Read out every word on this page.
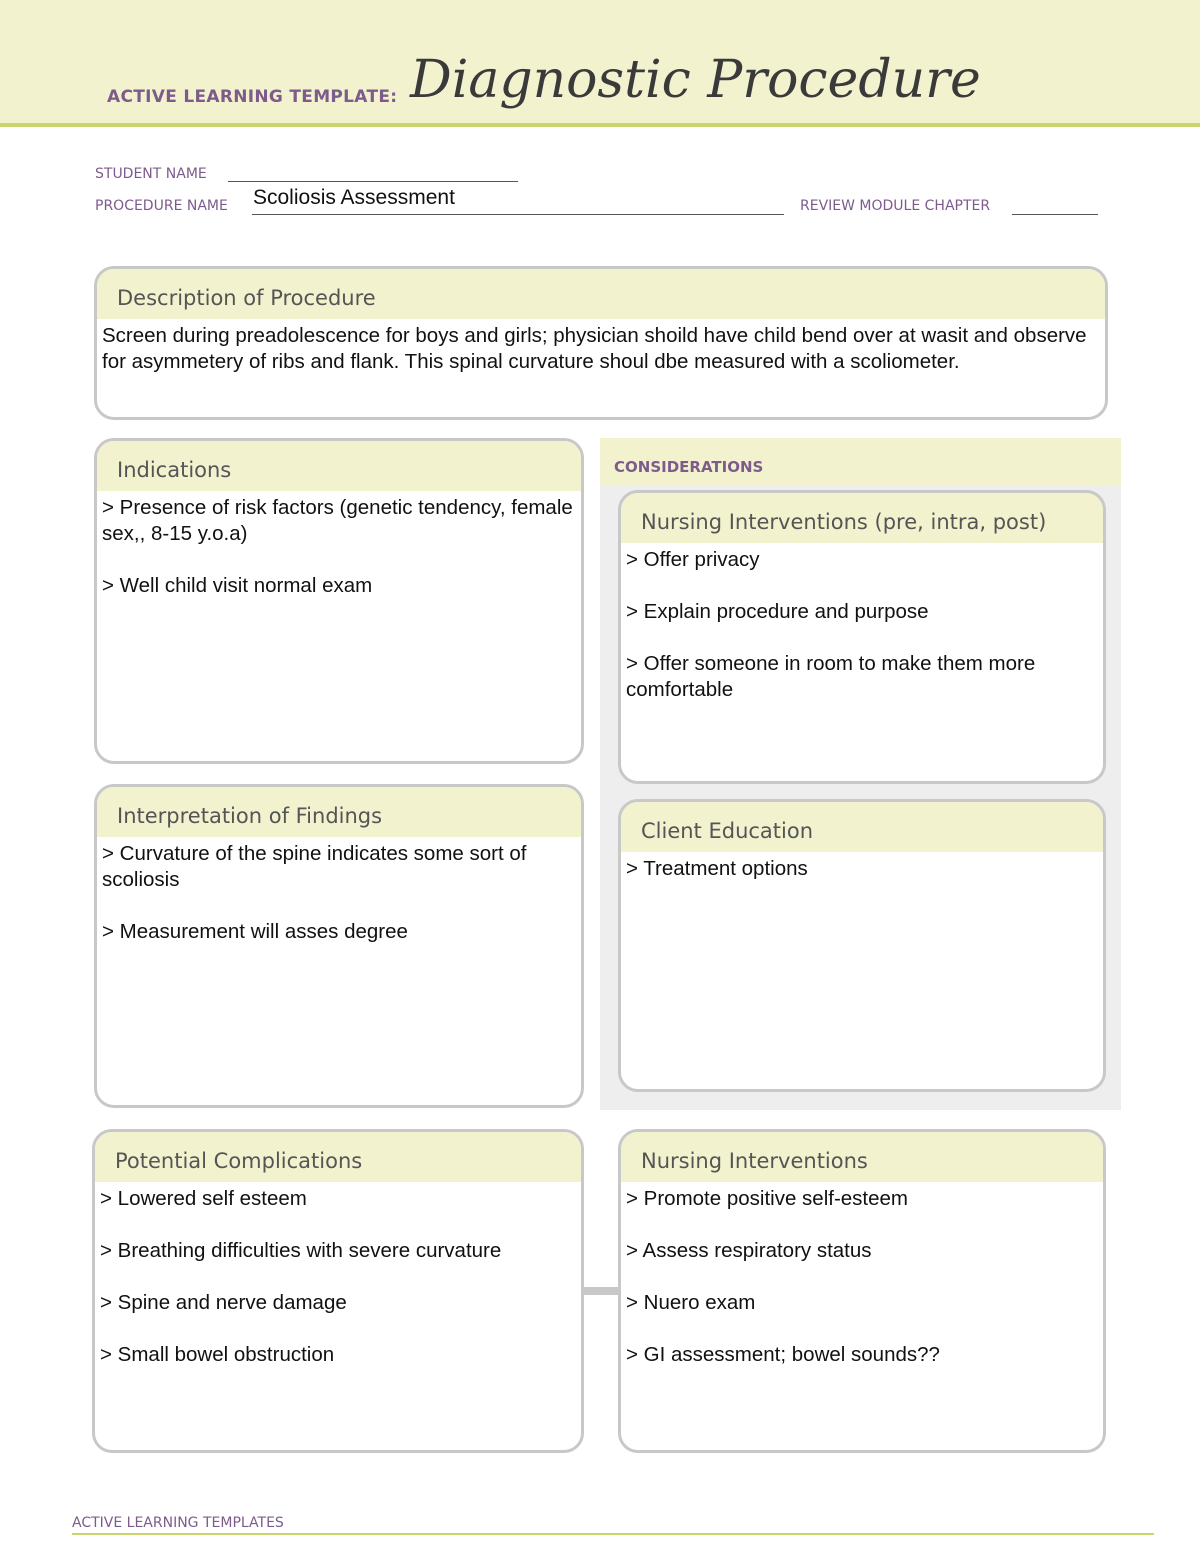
ACTIVE LEARNING TEMPLATE: Diagnostic Procedure
STUDENT NAME
PROCEDURE NAME Scoliosis Assessment	REVIEW MODULE CHAPTER
Description of Procedure

Screen during preadolescence for boys and girls; physician shoild have child bend over at wasit and observe for asymmetery of ribs and flank. This spinal curvature shoul dbe measured with a scoliometer.

CONSIDERATIONS
Indications

> Presence of risk factors (genetic tendency, female sex,, 8-15 y.o.a)

> Well child visit normal exam

Interpretation of Findings

> Curvature of the spine indicates some sort of scoliosis

> Measurement will asses degree

Nursing Interventions (pre, intra, post)

> Offer privacy

> Explain procedure and purpose

> Offer someone in room to make them more comfortable

Client Education

> Treatment options

Potential Complications

> Lowered self esteem

> Breathing difficulties with severe curvature

> Spine and nerve damage

> Small bowel obstruction

Nursing Interventions

> Promote positive self-esteem

> Assess respiratory status

> Nuero exam

> GI assessment; bowel sounds??

ACTIVE LEARNING TEMPLATES
